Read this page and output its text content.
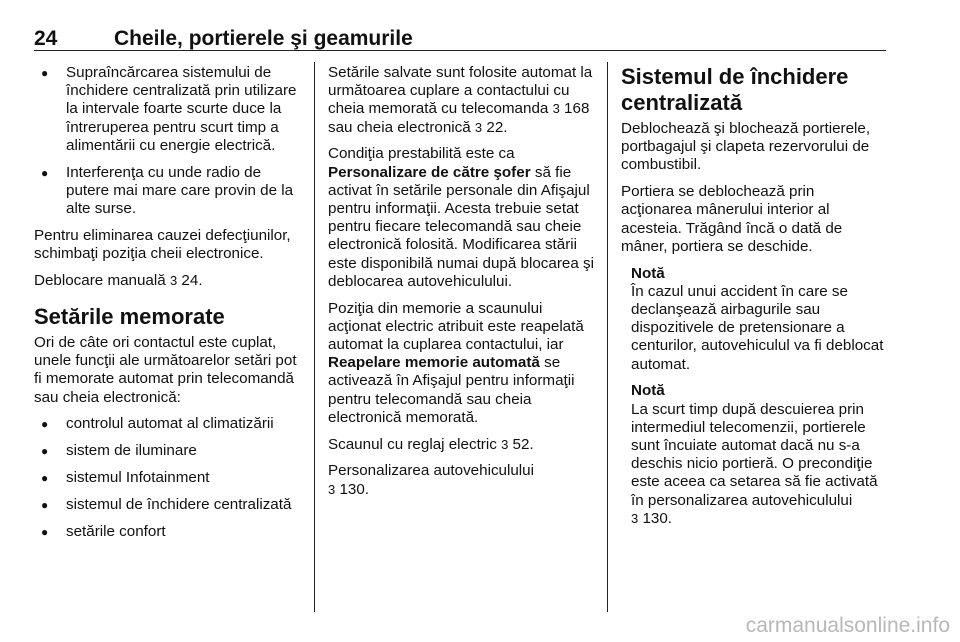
24	Cheile, portierele şi geamurile
● Supraîncărcarea sistemului de închidere centralizată prin utilizare la intervale foarte scurte duce la întreruperea pentru scurt timp a alimentării cu energie electrică.
● Interferenţa cu unde radio de putere mai mare care provin de la alte surse.

Pentru eliminarea cauzei defecţiunilor, schimbaţi poziţia cheii electronice.

Deblocare manuală 3 24.

Setările memorate

Ori de câte ori contactul este cuplat, unele funcţii ale următoarelor setări pot fi memorate automat prin telecomandă sau cheia electronică:

● controlul automat al climatizării
● sistem de iluminare
● sistemul Infotainment
● sistemul de închidere centralizată
● setările confort

Setările salvate sunt folosite automat la următoarea cuplare a contactului cu cheia memorată cu telecomanda 3 168 sau cheia electronică 3 22.

Condiţia prestabilită este ca Personalizare de către şofer să fie activat în setările personale din Afişajul pentru informaţii. Acesta trebuie setat pentru fiecare telecomandă sau cheie electronică folosită. Modificarea stării este disponibilă numai după blocarea şi deblocarea autovehiculului.

Poziţia din memorie a scaunului acţionat electric atribuit este reapelată automat la cuplarea contactului, iar Reapelare memorie automată se activează în Afişajul pentru informaţii pentru telecomandă sau cheia electronică memorată.

Scaunul cu reglaj electric 3 52.

Personalizarea autovehiculului
3 130.

Sistemul de închidere centralizată

Deblochează şi blochează portierele, portbagajul şi clapeta rezervorului de combustibil.

Portiera se deblochează prin acţionarea mânerului interior al acesteia. Trăgând încă o dată de mâner, portiera se deschide.

Notă

În cazul unui accident în care se declanşează airbagurile sau dispozitivele de pretensionare a centurilor, autovehiculul va fi deblocat automat.

Notă

La scurt timp după descuierea prin intermediul telecomenzii, portierele sunt încuiate automat dacă nu s-a deschis nicio portieră. O precondiţie este aceea ca setarea să fie activată în personalizarea autovehiculului
3 130.

carmanualsonline.info
